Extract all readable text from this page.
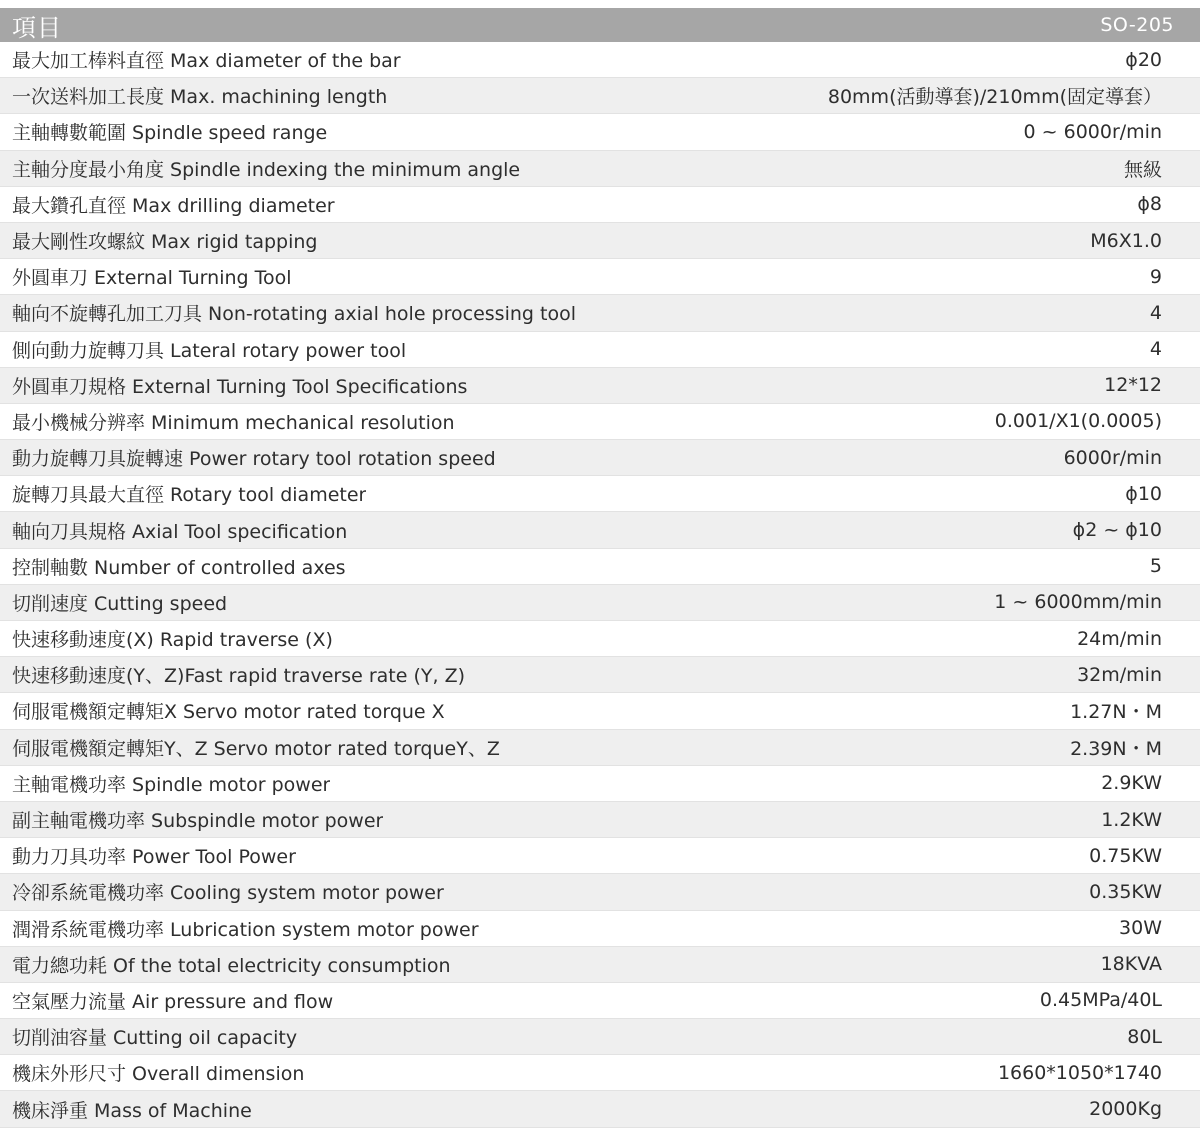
項目	SO-205
最大加工棒料直徑 Max diameter of the bar	ϕ20
一次送料加工長度 Max. machining length	80mm(活動導套)/210mm(固定導套）
主軸轉數範圍 Spindle speed range	0 ~ 6000r/min
主軸分度最小角度 Spindle indexing the minimum angle	無級
最大鑽孔直徑 Max drilling diameter	ϕ8
最大剛性攻螺紋 Max rigid tapping	M6X1.0
外圓車刀 External Turning Tool	9
軸向不旋轉孔加工刀具 Non-rotating axial hole processing tool	4
側向動力旋轉刀具 Lateral rotary power tool	4
外圓車刀規格 External Turning Tool Specifications	12*12
最小機械分辨率 Minimum mechanical resolution	0.001/X1(0.0005)
動力旋轉刀具旋轉速 Power rotary tool rotation speed	6000r/min
旋轉刀具最大直徑 Rotary tool diameter	ϕ10
軸向刀具規格 Axial Tool specification	ϕ2 ~ ϕ10
控制軸數 Number of controlled axes	5
切削速度 Cutting speed	1 ~ 6000mm/min
快速移動速度(X) Rapid traverse (X)	24m/min
快速移動速度(Y、Z)Fast rapid traverse rate (Y, Z)	32m/min
伺服電機額定轉矩X Servo motor rated torque X	1.27N・M
伺服電機額定轉矩Y、Z Servo motor rated torqueY、Z	2.39N・M
主軸電機功率 Spindle motor power	2.9KW
副主軸電機功率 Subspindle motor power	1.2KW
動力刀具功率 Power Tool Power	0.75KW
冷卻系統電機功率 Cooling system motor power	0.35KW
潤滑系統電機功率 Lubrication system motor power	30W
電力總功耗 Of the total electricity consumption	18KVA
空氣壓力流量 Air pressure and flow	0.45MPa/40L
切削油容量 Cutting oil capacity	80L
機床外形尺寸 Overall dimension	1660*1050*1740
機床淨重 Mass of Machine	2000Kg
